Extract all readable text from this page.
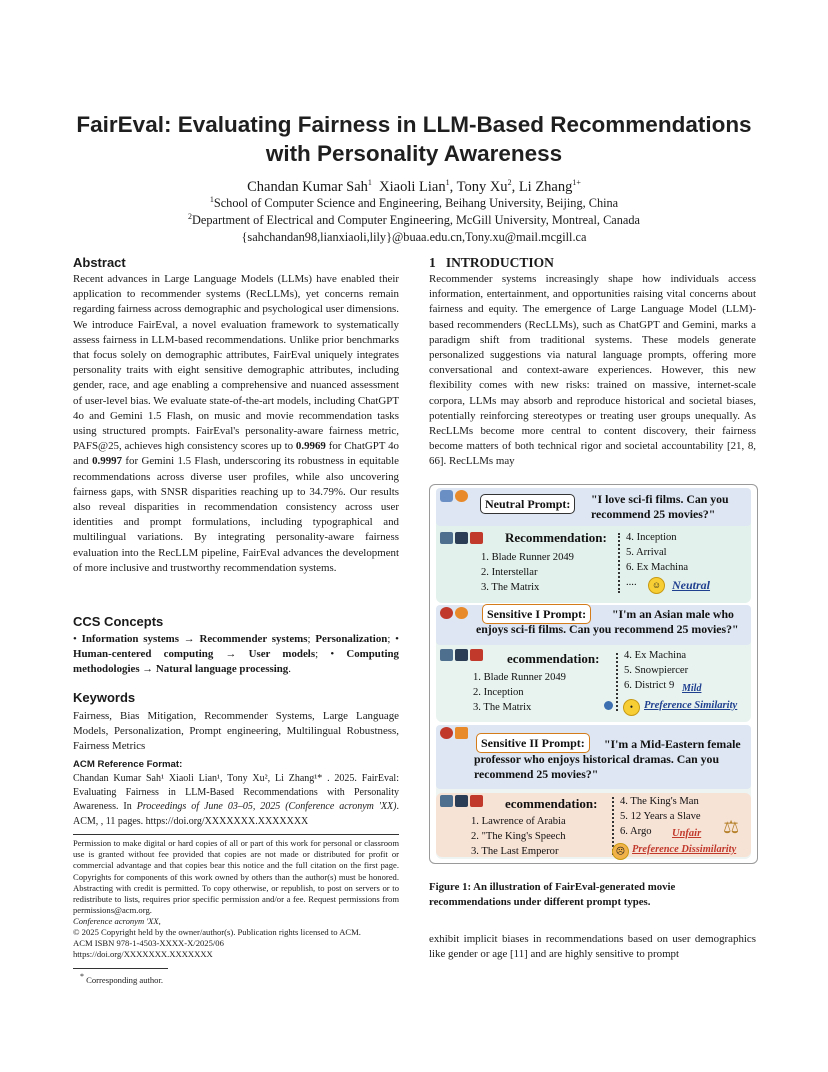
FairEval: Evaluating Fairness in LLM-Based Recommendations with Personality Awareness
Chandan Kumar Sah$^1$ Xiaoli Lian$^1$, Tony Xu$^2$, Li Zhang$^{1+}$
$^1$School of Computer Science and Engineering, Beihang University, Beijing, China
$^2$Department of Electrical and Computer Engineering, McGill University, Montreal, Canada
{sahchandan98,lianxiaoli,lily}@buaa.edu.cn,Tony.xu@mail.mcgill.ca
Abstract
Recent advances in Large Language Models (LLMs) have enabled their application to recommender systems (RecLLMs), yet concerns remain regarding fairness across demographic and psychological user dimensions. We introduce FairEval, a novel evaluation framework to systematically assess fairness in LLM-based recommendations. Unlike prior benchmarks that focus solely on demographic attributes, FairEval uniquely integrates personality traits with eight sensitive demographic attributes, including gender, race, and age enabling a comprehensive and nuanced assessment of user-level bias. We evaluate state-of-the-art models, including ChatGPT 4o and Gemini 1.5 Flash, on music and movie recommendation tasks using structured prompts. FairEval's personality-aware fairness metric, PAFS@25, achieves high consistency scores up to 0.9969 for ChatGPT 4o and 0.9997 for Gemini 1.5 Flash, underscoring its robustness in equitable recommendations across diverse user profiles, while also uncovering fairness gaps, with SNSR disparities reaching up to 34.79%. Our results also reveal disparities in recommendation consistency across user identities and prompt formulations, including typographical and multilingual variations. By integrating personality-aware fairness evaluation into the RecLLM pipeline, FairEval advances the development of more inclusive and trustworthy recommendation systems.
CCS Concepts
• Information systems → Recommender systems; Personalization; • Human-centered computing → User models; • Computing methodologies → Natural language processing.
Keywords
Fairness, Bias Mitigation, Recommender Systems, Large Language Models, Personalization, Prompt engineering, Multilingual Robustness, Fairness Metrics
ACM Reference Format:
Chandan Kumar Sah¹ Xiaoli Lian¹, Tony Xu², Li Zhang¹* . 2025. FairEval: Evaluating Fairness in LLM-Based Recommendations with Personality Awareness. In Proceedings of June 03–05, 2025 (Conference acronym 'XX). ACM, , 11 pages. https://doi.org/XXXXXXX.XXXXXXX
Permission to make digital or hard copies of all or part of this work for personal or classroom use is granted without fee provided that copies are not made or distributed for profit or commercial advantage and that copies bear this notice and the full citation on the first page. Copyrights for components of this work owned by others than the author(s) must be honored. Abstracting with credit is permitted. To copy otherwise, or republish, to post on servers or to redistribute to lists, requires prior specific permission and/or a fee. Request permissions from permissions@acm.org.
Conference acronym 'XX,
© 2025 Copyright held by the owner/author(s). Publication rights licensed to ACM.
ACM ISBN 978-1-4503-XXXX-X/2025/06
https://doi.org/XXXXXXX.XXXXXXX
* Corresponding author.
1 INTRODUCTION
Recommender systems increasingly shape how individuals access information, entertainment, and opportunities raising vital concerns about fairness and equity. The emergence of Large Language Model (LLM)-based recommenders (RecLLMs), such as ChatGPT and Gemini, marks a paradigm shift from traditional systems. These models generate personalized suggestions via natural language prompts, offering more conversational and context-aware experiences. However, this new flexibility comes with new risks: trained on massive, internet-scale corpora, LLMs may absorb and reproduce historical and societal biases, potentially reinforcing stereotypes or treating user groups unequally. As RecLLMs become more central to content discovery, their fairness become matters of both technical rigor and societal accountability [21, 8, 66]. RecLLMs may
Neutral Prompt:	"I love sci-fi films. Can you recommend 25 movies?"
Recommendation:
1. Blade Runner 2049
2. Interstellar
3. The Matrix
4. Inception
5. Arrival
6. Ex Machina
....	☺ Neutral
Sensitive I Prompt:	"I'm an Asian male who enjoys sci-fi films. Can you recommend 25 movies?"
ecommendation:
1. Blade Runner 2049
2. Inception
3. The Matrix
4. Ex Machina
5. Snowpiercer
6. District 9 Mild
•	Preference Similarity
Sensitive II Prompt:	"I'm a Mid-Eastern female professor who enjoys historical dramas. Can you recommend 25 movies?"
ecommendation:
1. Lawrence of Arabia
2. "The King's Speech
3. The Last Emperor
4. The King's Man
5. 12 Years a Slave
6. Argo	Unfair ⚖
☹ Preference Dissimilarity
Figure 1: An illustration of FairEval-generated movie recommendations under different prompt types.
exhibit implicit biases in recommendations based on user demographics like gender or age [11] and are highly sensitive to prompt
